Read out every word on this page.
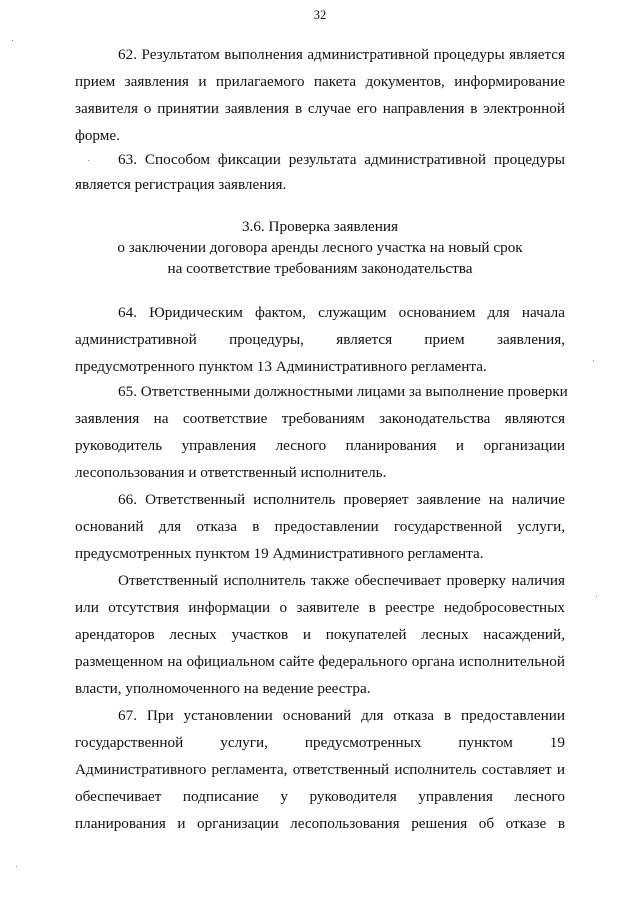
32
62. Результатом выполнения административной процедуры является
прием заявления и прилагаемого пакета документов, информирование
заявителя о принятии заявления в случае его направления в электронной
форме.
63. Способом фиксации результата административной процедуры
является регистрация заявления.
3.6. Проверка заявления
о заключении договора аренды лесного участка на новый срок
на соответствие требованиям законодательства
64. Юридическим фактом, служащим основанием для начала
административной процедуры, является прием заявления,
предусмотренного пунктом 13 Административного регламента.
65. Ответственными должностными лицами за выполнение проверки
заявления на соответствие требованиям законодательства являются
руководитель управления лесного планирования и организации
лесопользования и ответственный исполнитель.
66. Ответственный исполнитель проверяет заявление на наличие
оснований для отказа в предоставлении государственной услуги,
предусмотренных пунктом 19 Административного регламента.
Ответственный исполнитель также обеспечивает проверку наличия
или отсутствия информации о заявителе в реестре недобросовестных
арендаторов лесных участков и покупателей лесных насаждений,
размещенном на официальном сайте федерального органа исполнительной
власти, уполномоченного на ведение реестра.
67. При установлении оснований для отказа в предоставлении
государственной услуги, предусмотренных пунктом 19
Административного регламента, ответственный исполнитель составляет и
обеспечивает подписание у руководителя управления лесного
планирования и организации лесопользования решения об отказе в
